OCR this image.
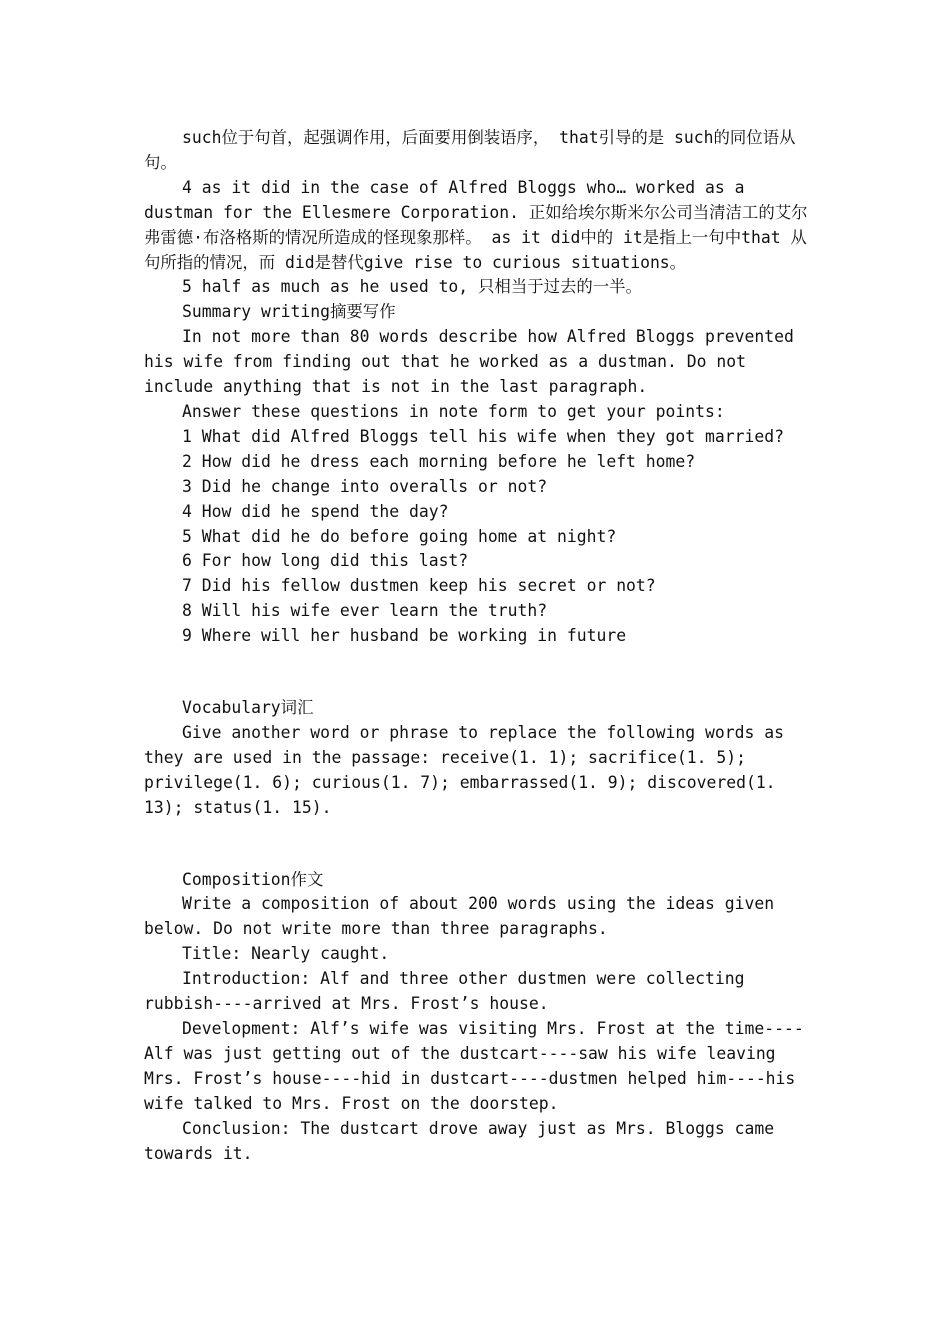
such位于句首，起强调作用，后面要用倒装语序， that引导的是 such的同位语从句。

4 as it did in the case of Alfred Bloggs who… worked as a dustman for the Ellesmere Corporation. 正如给埃尔斯米尔公司当清洁工的艾尔弗雷德·布洛格斯的情况所造成的怪现象那样。 as it did中的 it是指上一句中that 从句所指的情况，而 did是替代give rise to curious situations。

5 half as much as he used to, 只相当于过去的一半。

Summary writing摘要写作

In not more than 80 words describe how Alfred Bloggs prevented his wife from finding out that he worked as a dustman. Do not include anything that is not in the last paragraph.

Answer these questions in note form to get your points:

1 What did Alfred Bloggs tell his wife when they got married?

2 How did he dress each morning before he left home?

3 Did he change into overalls or not?

4 How did he spend the day?

5 What did he do before going home at night?

6 For how long did this last?

7 Did his fellow dustmen keep his secret or not?

8 Will his wife ever learn the truth?

9 Where will her husband be working in future

Vocabulary词汇

Give another word or phrase to replace the following words as they are used in the passage: receive(1. 1); sacrifice(1. 5); privilege(1. 6); curious(1. 7); embarrassed(1. 9); discovered(1. 13); status(1. 15).

Composition作文

Write a composition of about 200 words using the ideas given below. Do not write more than three paragraphs.

Title: Nearly caught.

Introduction: Alf and three other dustmen were collecting rubbish----arrived at Mrs. Frost’s house.

Development: Alf’s wife was visiting Mrs. Frost at the time----Alf was just getting out of the dustcart----saw his wife leaving Mrs. Frost’s house----hid in dustcart----dustmen helped him----his wife talked to Mrs. Frost on the doorstep.

Conclusion: The dustcart drove away just as Mrs. Bloggs came towards it.
